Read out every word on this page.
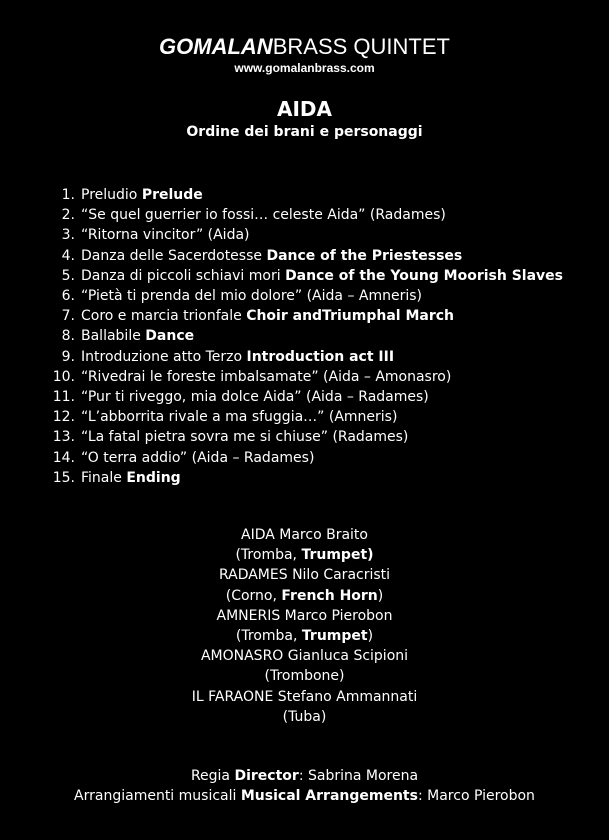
GOMALANBRASS QUINTET
www.gomalanbrass.com
AIDA
Ordine dei brani e personaggi
1. Preludio Prelude
2. “Se quel guerrier io fossi… celeste Aida” (Radames)
3. “Ritorna vincitor” (Aida)
4. Danza delle Sacerdotesse Dance of the Priestesses
5. Danza di piccoli schiavi mori Dance of the Young Moorish Slaves
6. “Pietà ti prenda del mio dolore” (Aida – Amneris)
7. Coro e marcia trionfale Choir andTriumphal March
8. Ballabile Dance
9. Introduzione atto Terzo Introduction act III
10. “Rivedrai le foreste imbalsamate” (Aida – Amonasro)
11. “Pur ti riveggo, mia dolce Aida” (Aida – Radames)
12. “L’abborrita rivale a ma sfuggia…” (Amneris)
13. “La fatal pietra sovra me si chiuse” (Radames)
14. “O terra addio” (Aida – Radames)
15. Finale Ending
AIDA Marco Braito
(Tromba, Trumpet)
RADAMES Nilo Caracristi
(Corno, French Horn)
AMNERIS Marco Pierobon
(Tromba, Trumpet)
AMONASRO Gianluca Scipioni
(Trombone)
IL FARAONE Stefano Ammannati
(Tuba)
Regia Director: Sabrina Morena
Arrangiamenti musicali Musical Arrangements: Marco Pierobon
